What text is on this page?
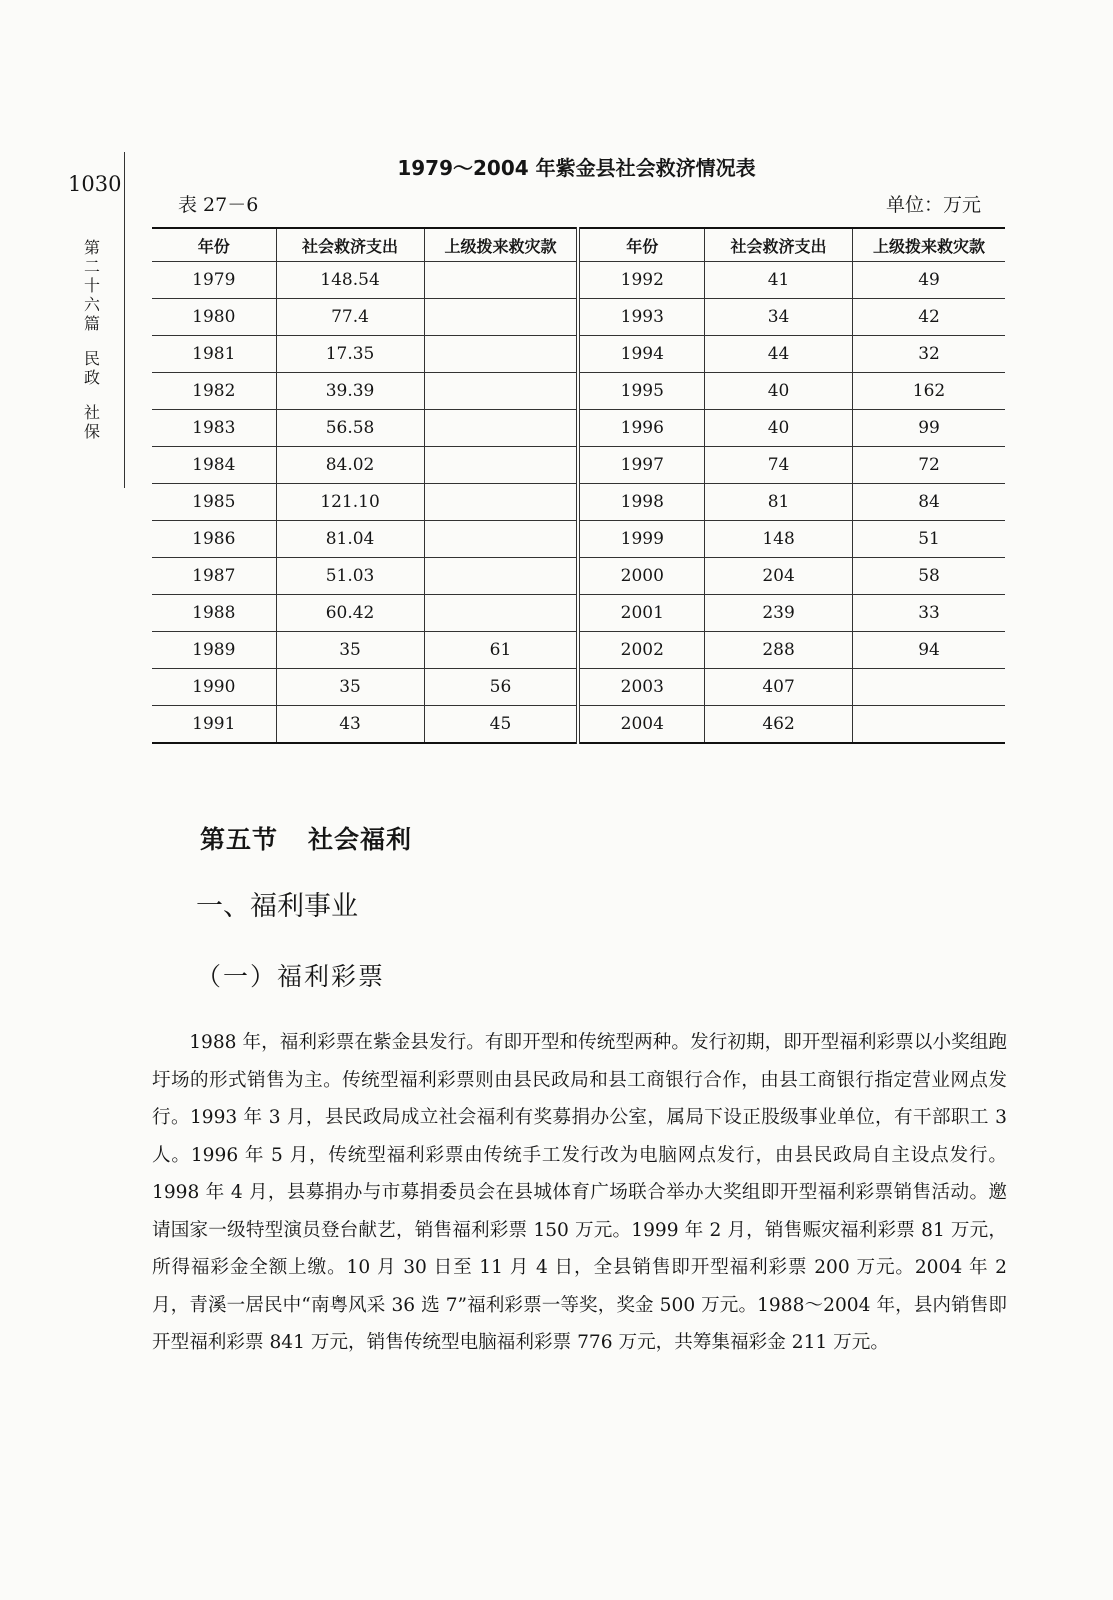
1030
第二十六篇
民政
社保
1979～2004 年紫金县社会救济情况表
表 27－6	单位：万元
年份	社会救济支出	上级拨来救灾款	年份	社会救济支出	上级拨来救灾款
1979	148.54		1992	41	49
1980	77.4		1993	34	42
1981	17.35		1994	44	32
1982	39.39		1995	40	162
1983	56.58		1996	40	99
1984	84.02		1997	74	72
1985	121.10		1998	81	84
1986	81.04		1999	148	51
1987	51.03		2000	204	58
1988	60.42		2001	239	33
1989	35	61	2002	288	94
1990	35	56	2003	407	
1991	43	45	2004	462	
第五节 社会福利
一、福利事业
（一）福利彩票

1988 年，福利彩票在紫金县发行。有即开型和传统型两种。发行初期，即开型福利彩票以小奖组跑圩场的形式销售为主。传统型福利彩票则由县民政局和县工商银行合作，由县工商银行指定营业网点发行。1993 年 3 月，县民政局成立社会福利有奖募捐办公室，属局下设正股级事业单位，有干部职工 3 人。1996 年 5 月，传统型福利彩票由传统手工发行改为电脑网点发行，由县民政局自主设点发行。1998 年 4 月，县募捐办与市募捐委员会在县城体育广场联合举办大奖组即开型福利彩票销售活动。邀请国家一级特型演员登台献艺，销售福利彩票 150 万元。1999 年 2 月，销售赈灾福利彩票 81 万元，所得福彩金全额上缴。10 月 30 日至 11 月 4 日，全县销售即开型福利彩票 200 万元。2004 年 2 月，青溪一居民中“南粤风采 36 选 7”福利彩票一等奖，奖金 500 万元。1988～2004 年，县内销售即开型福利彩票 841 万元，销售传统型电脑福利彩票 776 万元，共筹集福彩金 211 万元。
